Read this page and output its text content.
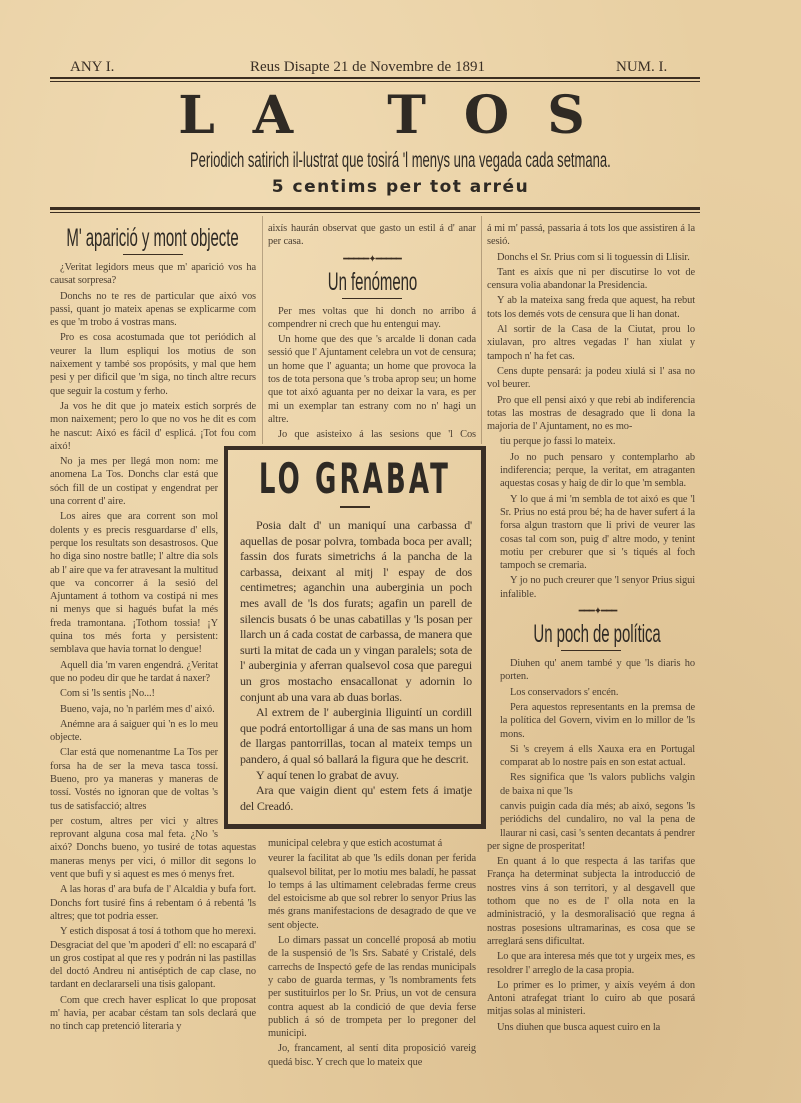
ANY I.	Reus Disapte 21 de Novembre de 1891	NUM. I.
LA TOS
Periodich satirich il-lustrat que tosirá 'l menys una vegada cada setmana.
5 centims per tot arréu
M' aparició y mont objecte

¿Veritat legidors meus que m' aparició vos ha causat sorpresa?

Donchs no te res de particular que aixó vos passi, quant jo mateix apenas se explicarme com es que 'm trobo á vostras mans.

Pro es cosa acostumada que tot periódich al veurer la llum espliqui los motius de son naixement y també sos propósits, y mal que hem pesi y per dificil que 'm siga, no tinch altre recurs que seguir la costum y ferho.

Ja vos he dit que jo mateix estich sorprés de mon naixement; pero lo que no vos he dit es com he nascut: Aixó es fácil d' esplicá. ¡Tot fou com aixó!

No ja mes per llegá mon nom: me anomena La Tos. Donchs clar está que sóch fill de un costipat y engendrat per una corrent d' aire.

Los aires que ara corrent son mol dolents y es precis resguardarse d' ells, perque los resultats son desastrosos. Que ho diga sino nostre batlle; l' altre dia sols ab l' aire que va fer atravesant la multitud que va concorrer á la sesió del Ajuntament á tothom va costipá ni mes ni menys que si hagués bufat la més freda tramontana. ¡Tothom tossia! ¡Y quina tos més forta y persistent: semblava que havia tornat lo dengue!

Aquell dia 'm varen engendrá. ¿Veritat que no podeu dir que he tardat á naxer?

Com si 'ls sentis ¡No...!

Bueno, vaja, no 'n parlém mes d' aixó.

Anémne ara á saiguer qui 'n es lo meu objecte.

Clar está que nomenantme La Tos per forsa ha de ser la meva tasca tossí. Bueno, pro ya maneras y maneras de tossí. Vostés no ignoran que de voltas 's tus de satisfacció; altres

per costum, altres per vici y altres reprovant alguna cosa mal feta. ¿No 's aixó? Donchs bueno, yo tusiré de totas aquestas maneras menys per vici, ó millor dit segons lo vent que bufi y si aquest es mes ó menys fret.

A las horas d' ara bufa de l' Alcaldia y bufa fort. Donchs fort tusiré fins á rebentam ó á rebentá 'ls altres; que tot podria esser.

Y estich disposat á tosí á tothom que ho merexi. Desgraciat del que 'm apoderi d' ell: no escapará d' un gros costipat al que res y podrán ni las pastillas del doctó Andreu ni antiséptich de cap clase, no tardant en declararseli una tisis galopant.

Com que crech haver esplicat lo que proposat m' havia, per acabar céstam tan sols declará que no tinch cap pretenció literaria y

aixís haurán observat que gasto un estil á d' anar per casa.

━━━━━✦━━━━━
Un fenómeno

Per mes voltas que hi donch no arribo á compendrer ni crech que hu entengui may.

Un home que des que 's arcalde li donan cada sessió que l' Ajuntament celebra un vot de censura; un home que l' aguanta; un home que provoca la tos de tota persona que 's troba aprop seu; un home que tot aixó aguanta per no deixar la vara, es per mi un exemplar tan estrany com no n' hagi un altre.

Jo que asisteixo á las sesions que 'l Cos municipal celebra y que estich acostumat á

veurer la facilitat ab que 'ls edils donan per ferida qualsevol bilitat, per lo motiu mes baladí, he passat lo temps á las ultimament celebradas ferme creus del estoicisme ab que sol rebrer lo senyor Prius las més grans manifestacions de desagrado de que ve sent objecte.

Lo dimars passat un concellé proposá ab motiu de la suspensió de 'ls Srs. Sabaté y Cristalé, dels carrechs de Inspectó gefe de las rendas municipals y cabo de guarda termas, y 'ls nombraments fets per sustituirlos per lo Sr. Prius, un vot de censura contra aquest ab la condició de que devia ferse publich á só de trompeta per lo pregoner del municipi.

Jo, francament, al sentí dita proposició vareig quedá bisc. Y crech que lo mateix que

á mi m' passá, passaria á tots los que assistiren á la sesió.

Donchs el Sr. Prius com si li toguessin di Llisir.

Tant es aixís que ni per discutirse lo vot de censura volia abandonar la Presidencia.

Y ab la mateixa sang freda que aquest, ha rebut tots los demés vots de censura que li han donat.

Al sortir de la Casa de la Ciutat, prou lo xiulavan, pro altres vegadas l' han xiulat y tampoch n' ha fet cas.

Cens dupte pensará: ja podeu xiulá si l' asa no vol beurer.

Pro que ell pensi aixó y que rebi ab indiferencia totas las mostras de desagrado que li dona la majoria de l' Ajuntament, no es mo-

tiu perque jo fassi lo mateix.

Jo no puch pensaro y contemplarho ab indiferencia; perque, la veritat, em atraganten aquestas cosas y haig de dir lo que 'm sembla.

Y lo que á mi 'm sembla de tot aixó es que 'l Sr. Prius no está prou bé; ha de haver sufert á la forsa algun trastorn que li privi de veurer las cosas tal com son, puig d' altre modo, y tenint motiu per creburer que si 's tiqués al foch tampoch se cremaria.

Y jo no puch creurer que 'l senyor Prius sigui infalible.

━━━✦━━━
Un poch de política

Diuhen qu' anem també y que 'ls diaris ho porten.

Los conservadors s' encén.

Pera aquestos representants en la premsa de la política del Govern, vivim en lo millor de 'ls mons.

Si 's creyem á ells Xauxa era en Portugal comparat ab lo nostre pais en son estat actual.

Res significa que 'ls valors publichs valgin de baixa ni que 'ls

canvis puigin cada día més; ab aixó, segons 'ls periódichs del cundaliro, no val la pena de llaurar ni casi, casi 's senten decantats á pendrer per signe de prosperitat!

En quant á lo que respecta á las tarifas que França ha determinat subjecta la introducció de nostres vins á son territori, y al desgavell que tothom que no es de l' olla nota en la administració, y la desmoralisació que regna á nostras posesions ultramarinas, es cosa que se arreglará sens dificultat.

Lo que ara interesa més que tot y urgeix mes, es resoldrer l' arreglo de la casa propia.

Lo primer es lo primer, y aixís veyém á don Antoni atrafegat triant lo cuiro ab que posará mitjas solas al ministeri.

Uns diuhen que busca aquest cuiro en la

LO GRABAT

Posia dalt d' un maniquí una carbassa d' aquellas de posar polvra, tombada boca per avall; fassin dos furats simetrichs á la pancha de la carbassa, deixant al mitj l' espay de dos centimetres; aganchin una auberginia un poch mes avall de 'ls dos furats; agafin un parell de silencis busats ó be unas cabatillas y 'ls posan per llarch un á cada costat de carbassa, de manera que surti la mitat de cada un y vingan paralels; sota de l' auberginia y aferran qualsevol cosa que paregui un gros mostacho ensacallonat y adornin lo conjunt ab una vara ab duas borlas.

Al extrem de l' auberginia lliguintí un cordill que podrá entortolligar á una de sas mans un hom de llargas pantorrillas, tocan al mateix temps un pandero, á qual só ballará la figura que he descrit.

Y aquí tenen lo grabat de avuy.

Ara que vaigin dient qu' estem fets á imatje del Creadó.
